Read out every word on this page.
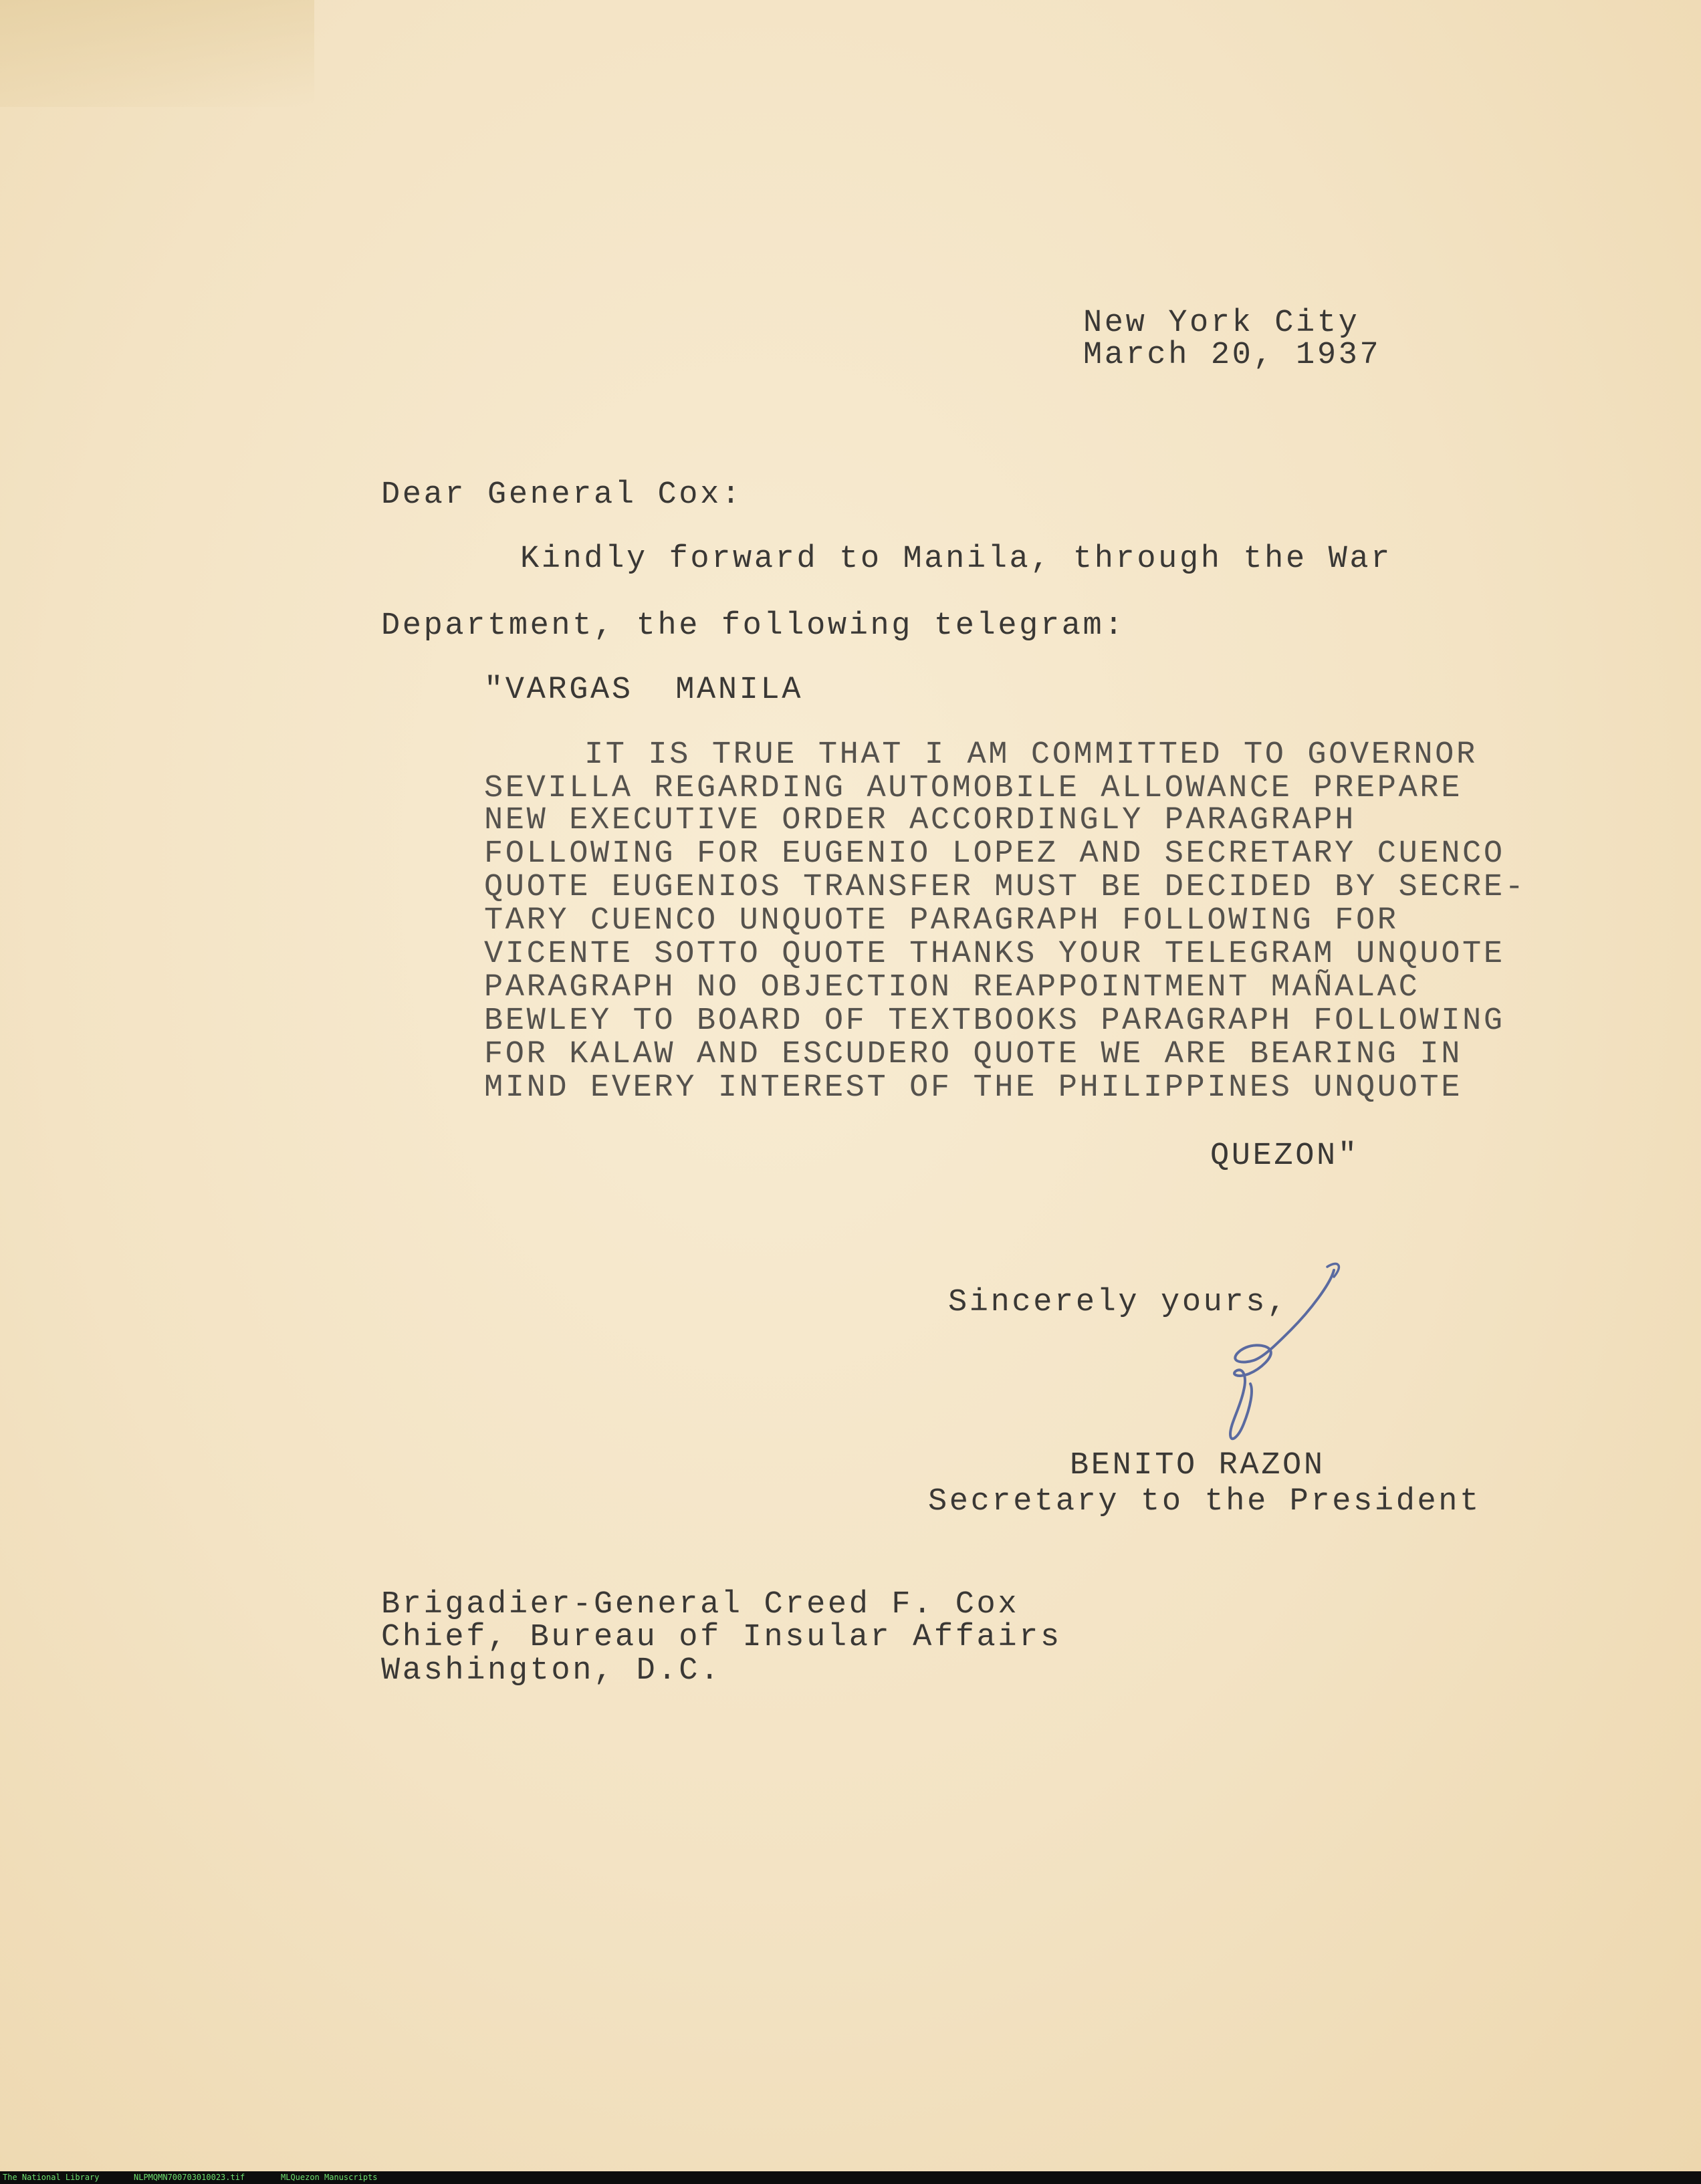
New York City
March 20, 1937
Dear General Cox:
Kindly forward to Manila, through the War
Department, the following telegram:
"VARGAS  MANILA
IT IS TRUE THAT I AM COMMITTED TO GOVERNOR
SEVILLA REGARDING AUTOMOBILE ALLOWANCE PREPARE
NEW EXECUTIVE ORDER ACCORDINGLY PARAGRAPH
FOLLOWING FOR EUGENIO LOPEZ AND SECRETARY CUENCO
QUOTE EUGENIOS TRANSFER MUST BE DECIDED BY SECRE-
TARY CUENCO UNQUOTE PARAGRAPH FOLLOWING FOR
VICENTE SOTTO QUOTE THANKS YOUR TELEGRAM UNQUOTE
PARAGRAPH NO OBJECTION REAPPOINTMENT MAÑALAC
BEWLEY TO BOARD OF TEXTBOOKS PARAGRAPH FOLLOWING
FOR KALAW AND ESCUDERO QUOTE WE ARE BEARING IN
MIND EVERY INTEREST OF THE PHILIPPINES UNQUOTE
QUEZON"
Sincerely yours,
BENITO RAZON
Secretary to the President
Brigadier-General Creed F. Cox
Chief, Bureau of Insular Affairs
Washington, D.C.
The National Library	NLPMQMN700703010023.tif	MLQuezon Manuscripts
